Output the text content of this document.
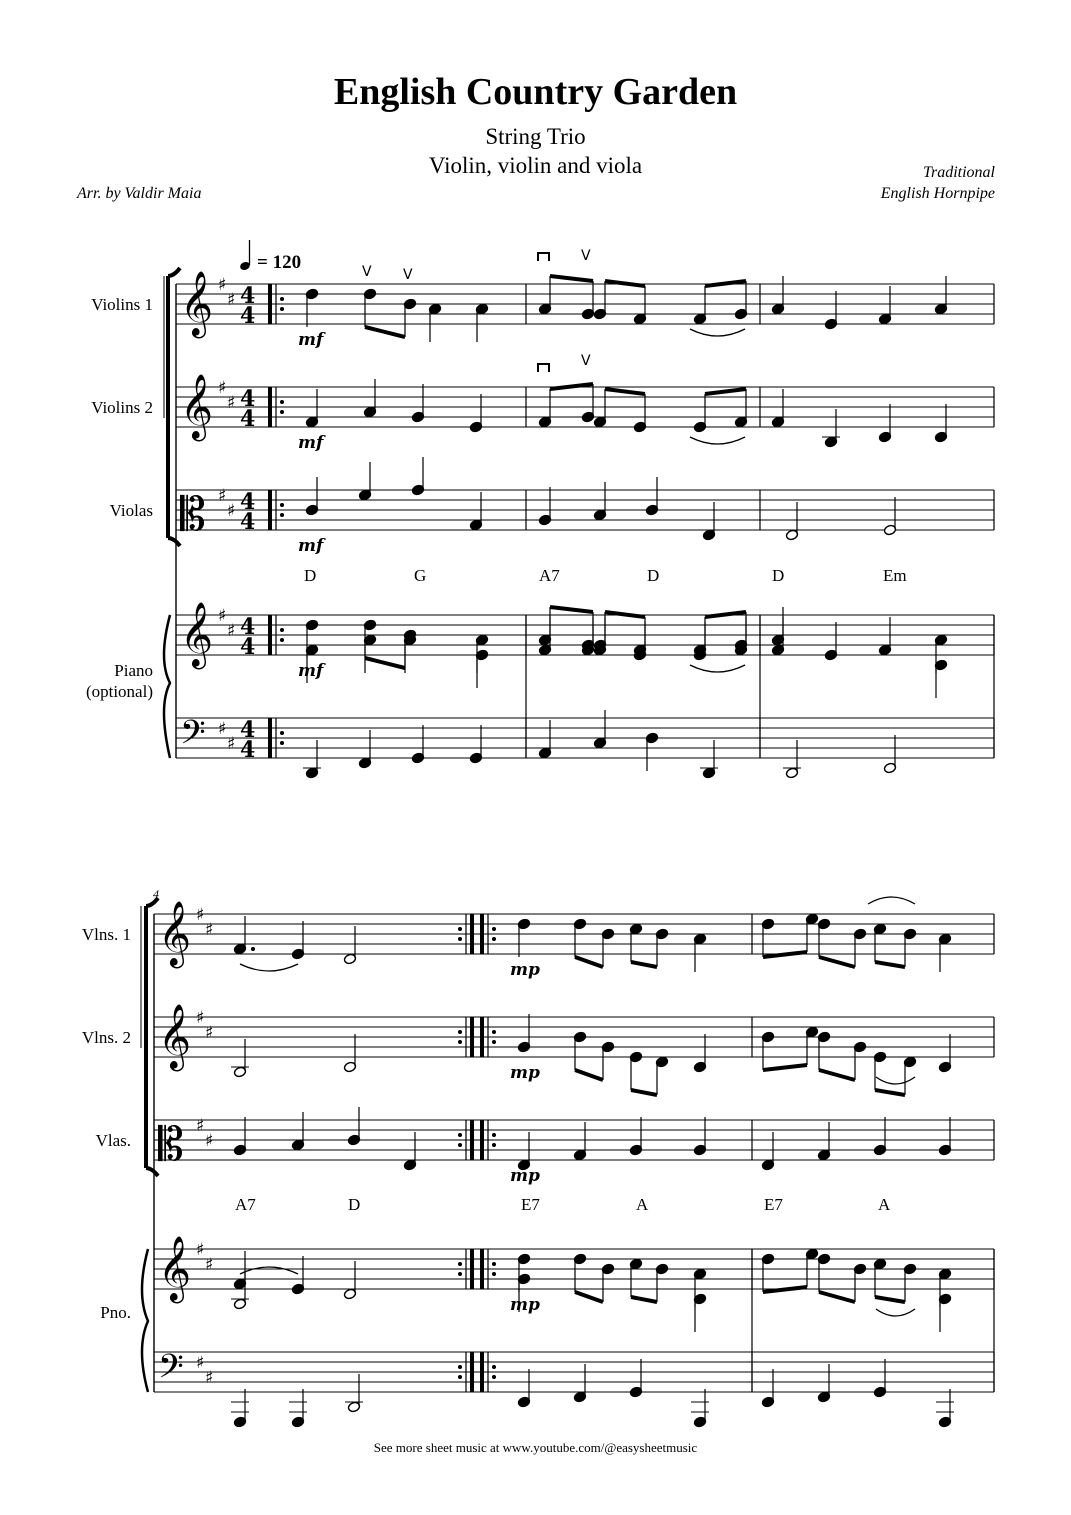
English Country Garden
String Trio
Violin, violin and viola	Traditional
English Hornpipe
Arr. by Valdir Maia
𝄞 ♯
♯ 4
4
𝄞 ♯
♯ 4
4
𝄡 ♯
♯ 4
4
𝄞 ♯
♯ 4
4
𝄢 ♯
♯
4
4
V V
V
V
𝄞 ♯
♯
𝄞 ♯
♯
𝄡 ♯
♯
𝄞 ♯
♯
𝄢 ♯
♯
= 120
Violins 1
Violins 2
Violas
Piano
(optional)
D	G	A7	D	D	Em
mf
mf
mf
mf
4
Vlns. 1
Vlns. 2
Vlas.
Pno.
A7	D	E7	A	E7	A
mp
mp
mp
mp
See more sheet music at www.youtube.com/@easysheetmusic
